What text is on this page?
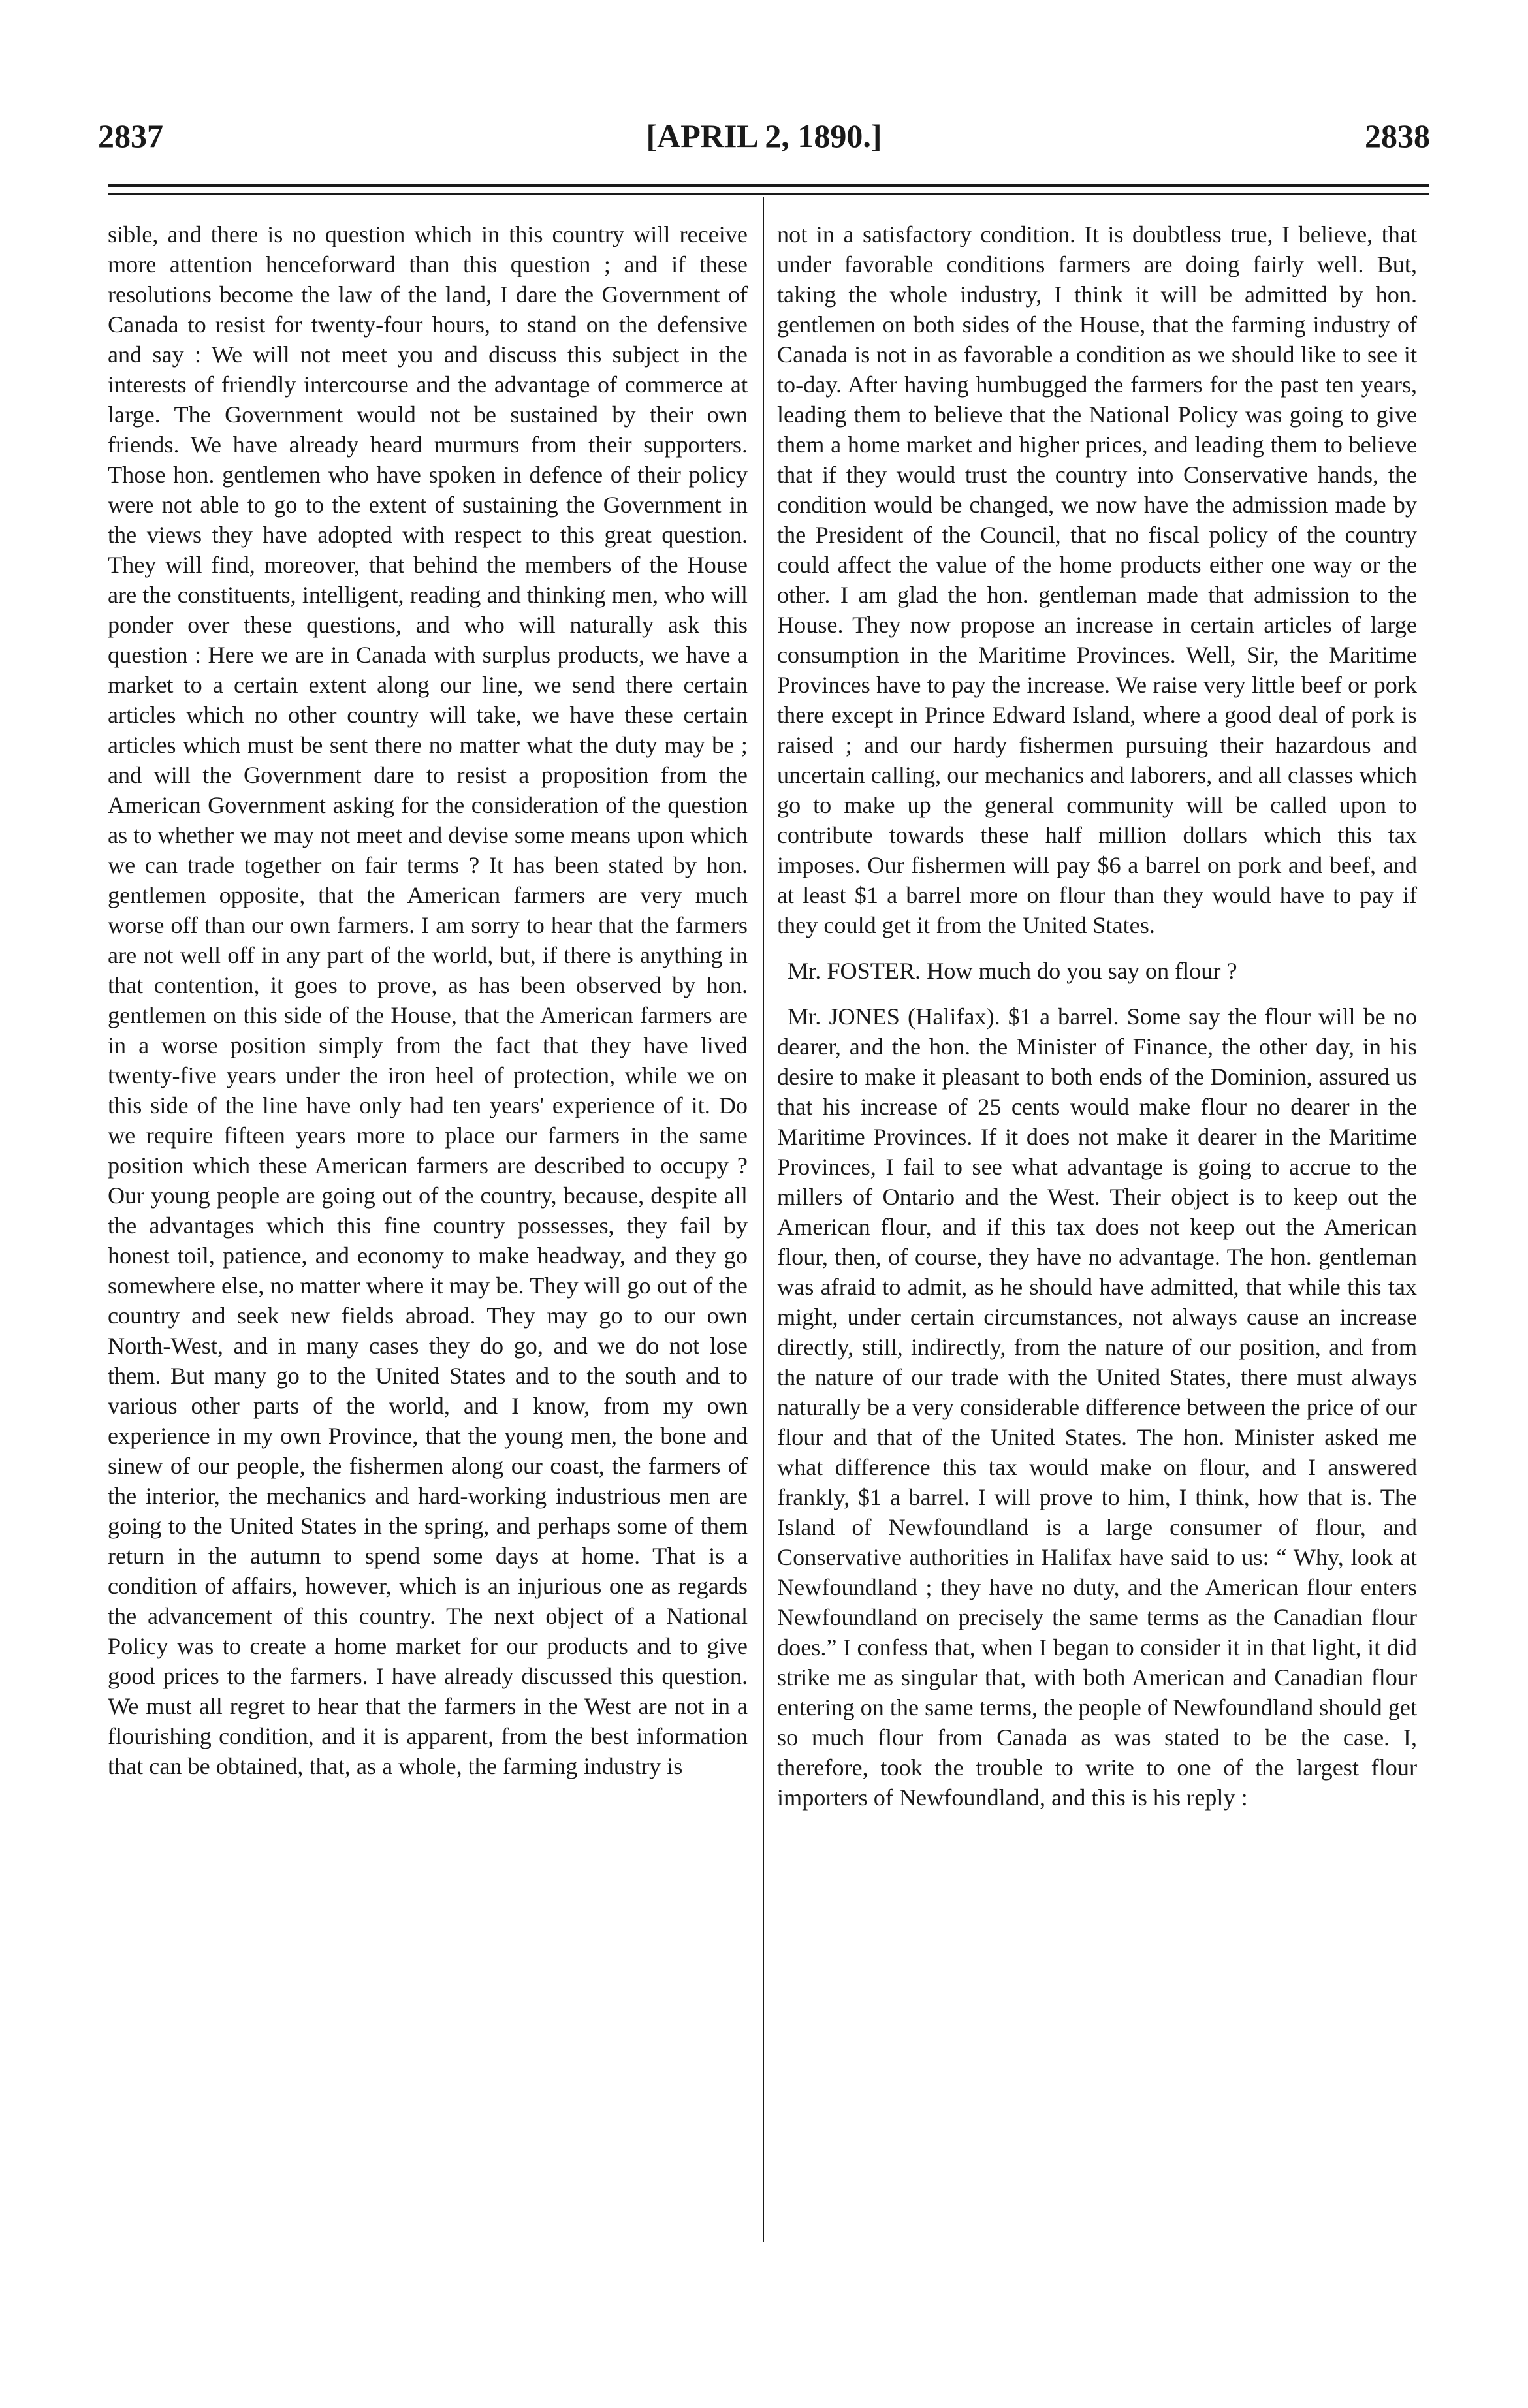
2837	[APRIL 2, 1890.]	2838

sible, and there is no question which in this country will receive more attention henceforward than this question ; and if these resolutions become the law of the land, I dare the Government of Canada to resist for twenty-four hours, to stand on the defensive and say : We will not meet you and discuss this subject in the interests of friendly intercourse and the advantage of commerce at large. The Government would not be sustained by their own friends. We have already heard murmurs from their supporters. Those hon. gentlemen who have spoken in defence of their policy were not able to go to the extent of sustaining the Government in the views they have adopted with respect to this great question. They will find, moreover, that behind the members of the House are the constituents, intelligent, reading and thinking men, who will ponder over these questions, and who will naturally ask this question : Here we are in Canada with surplus products, we have a market to a certain extent along our line, we send there certain articles which no other country will take, we have these certain articles which must be sent there no matter what the duty may be ; and will the Government dare to resist a proposition from the American Government asking for the consideration of the question as to whether we may not meet and devise some means upon which we can trade together on fair terms ? It has been stated by hon. gentlemen opposite, that the American farmers are very much worse off than our own farmers. I am sorry to hear that the farmers are not well off in any part of the world, but, if there is anything in that contention, it goes to prove, as has been observed by hon. gentlemen on this side of the House, that the American farmers are in a worse position simply from the fact that they have lived twenty-five years under the iron heel of protection, while we on this side of the line have only had ten years' experience of it. Do we require fifteen years more to place our farmers in the same position which these American farmers are described to occupy ? Our young people are going out of the country, because, despite all the advantages which this fine country possesses, they fail by honest toil, patience, and economy to make headway, and they go somewhere else, no matter where it may be. They will go out of the country and seek new fields abroad. They may go to our own North-West, and in many cases they do go, and we do not lose them. But many go to the United States and to the south and to various other parts of the world, and I know, from my own experience in my own Province, that the young men, the bone and sinew of our people, the fishermen along our coast, the farmers of the interior, the mechanics and hard-working industrious men are going to the United States in the spring, and perhaps some of them return in the autumn to spend some days at home. That is a condition of affairs, however, which is an injurious one as regards the advancement of this country. The next object of a National Policy was to create a home market for our products and to give good prices to the farmers. I have already discussed this question. We must all regret to hear that the farmers in the West are not in a flourishing condition, and it is apparent, from the best information that can be obtained, that, as a whole, the farming industry is

not in a satisfactory condition. It is doubtless true, I believe, that under favorable conditions farmers are doing fairly well. But, taking the whole industry, I think it will be admitted by hon. gentlemen on both sides of the House, that the farming industry of Canada is not in as favorable a condition as we should like to see it to-day. After having humbugged the farmers for the past ten years, leading them to believe that the National Policy was going to give them a home market and higher prices, and leading them to believe that if they would trust the country into Conservative hands, the condition would be changed, we now have the admission made by the President of the Council, that no fiscal policy of the country could affect the value of the home products either one way or the other. I am glad the hon. gentleman made that admission to the House. They now propose an increase in certain articles of large consumption in the Maritime Provinces. Well, Sir, the Maritime Provinces have to pay the increase. We raise very little beef or pork there except in Prince Edward Island, where a good deal of pork is raised ; and our hardy fishermen pursuing their hazardous and uncertain calling, our mechanics and laborers, and all classes which go to make up the general community will be called upon to contribute towards these half million dollars which this tax imposes. Our fishermen will pay $6 a barrel on pork and beef, and at least $1 a barrel more on flour than they would have to pay if they could get it from the United States.

Mr. FOSTER. How much do you say on flour ?

Mr. JONES (Halifax). $1 a barrel. Some say the flour will be no dearer, and the hon. the Minister of Finance, the other day, in his desire to make it pleasant to both ends of the Dominion, assured us that his increase of 25 cents would make flour no dearer in the Maritime Provinces. If it does not make it dearer in the Maritime Provinces, I fail to see what advantage is going to accrue to the millers of Ontario and the West. Their object is to keep out the American flour, and if this tax does not keep out the American flour, then, of course, they have no advantage. The hon. gentleman was afraid to admit, as he should have admitted, that while this tax might, under certain circumstances, not always cause an increase directly, still, indirectly, from the nature of our position, and from the nature of our trade with the United States, there must always naturally be a very considerable difference between the price of our flour and that of the United States. The hon. Minister asked me what difference this tax would make on flour, and I answered frankly, $1 a barrel. I will prove to him, I think, how that is. The Island of Newfoundland is a large consumer of flour, and Conservative authorities in Halifax have said to us: “ Why, look at Newfoundland ; they have no duty, and the American flour enters Newfoundland on precisely the same terms as the Canadian flour does.” I confess that, when I began to consider it in that light, it did strike me as singular that, with both American and Canadian flour entering on the same terms, the people of Newfoundland should get so much flour from Canada as was stated to be the case. I, therefore, took the trouble to write to one of the largest flour importers of Newfoundland, and this is his reply :
